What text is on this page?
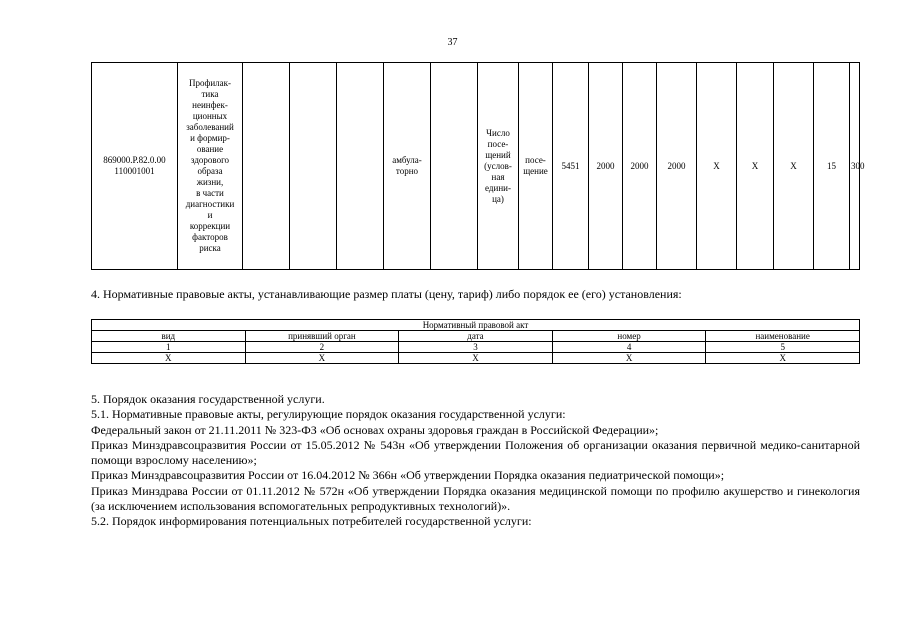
37
869000.Р.82.0.00
110001001	Профилак-
тика
неинфек-
ционных
заболеваний
и формир-
ование
здорового
образа
жизни,
в части
диагностики
и
коррекции
факторов
риска				амбула-
торно		Число
посе-
щений
(услов-
ная
едини-
ца)	посе-
щение	5451	2000	2000	2000	Х	Х	Х	15	300
4. Нормативные правовые акты, устанавливающие размер платы (цену, тариф) либо порядок ее (его) установления:
Нормативный правовой акт				
вид	принявший орган	дата	номер	наименование
1	2	3	4	5
Х	Х	Х	Х	Х

5. Порядок оказания государственной услуги.

5.1. Нормативные правовые акты, регулирующие порядок оказания государственной услуги:

Федеральный закон от 21.11.2011 № 323-ФЗ «Об основах охраны здоровья граждан в Российской Федерации»;

Приказ Минздравсоцразвития России от 15.05.2012 № 543н «Об утверждении Положения об организации оказания первичной медико-санитарной помощи взрослому населению»;

Приказ Минздравсоцразвития России от 16.04.2012 № 366н «Об утверждении Порядка оказания педиатрической помощи»;

Приказ Минздрава России от 01.11.2012 № 572н «Об утверждении Порядка оказания медицинской помощи по профилю акушерство и гинекология (за исключением использования вспомогательных репродуктивных технологий)».

5.2. Порядок информирования потенциальных потребителей государственной услуги:
